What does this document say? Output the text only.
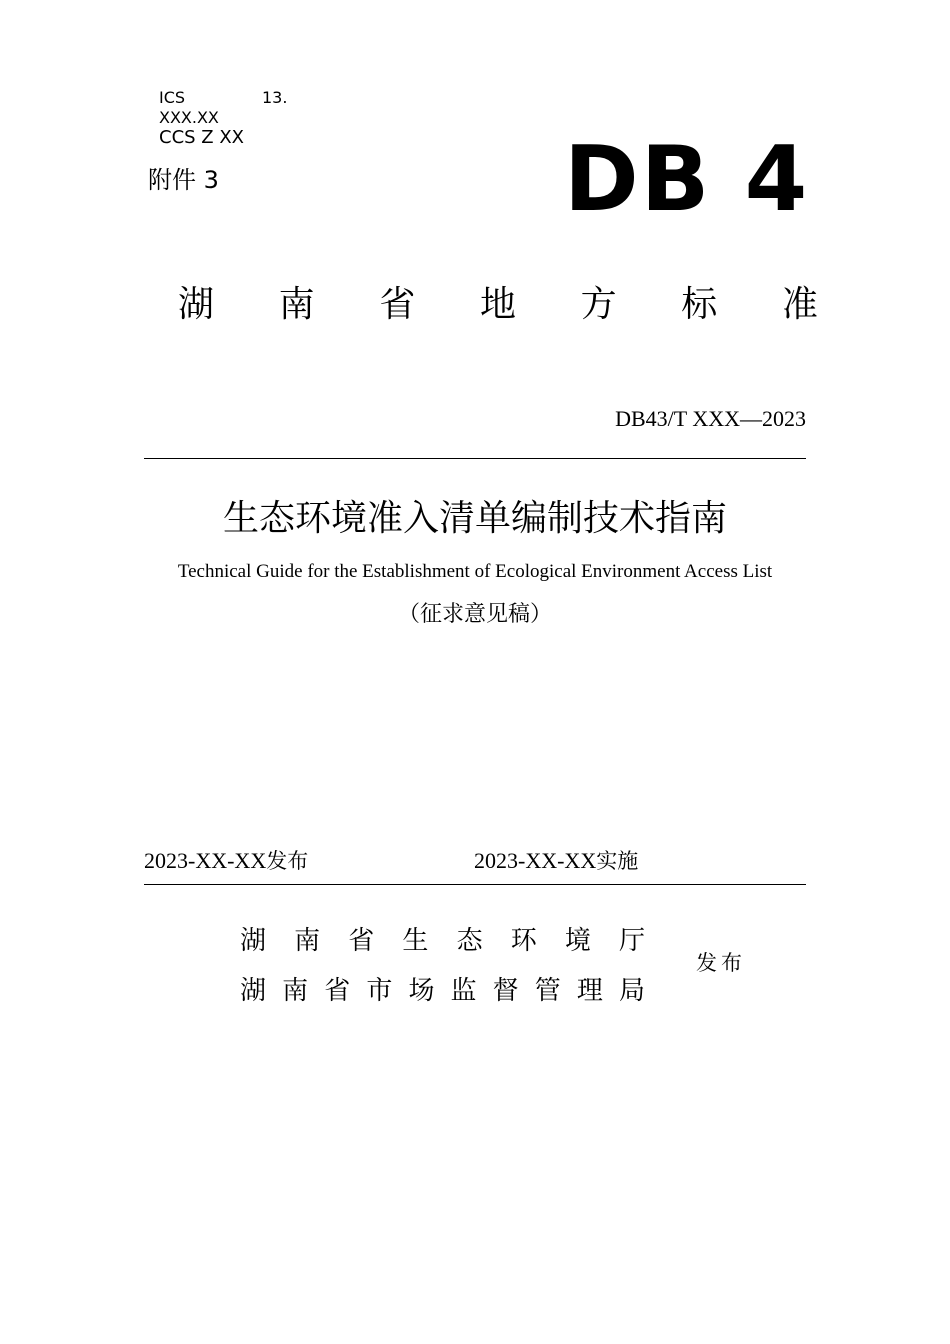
ICS	13.
XXX.XX
CCS Z XX
附件 3	DB 4
湖 南 省 地 方 标 准
DB43/T XXX—2023
生态环境准入清单编制技术指南
Technical Guide for the Establishment of Ecological Environment Access List
（征求意见稿）
2023-XX-XX发布	2023-XX-XX实施
湖 南 省 生 态 环 境 厅
湖 南 省 市 场 监 督 管 理 局
发布
